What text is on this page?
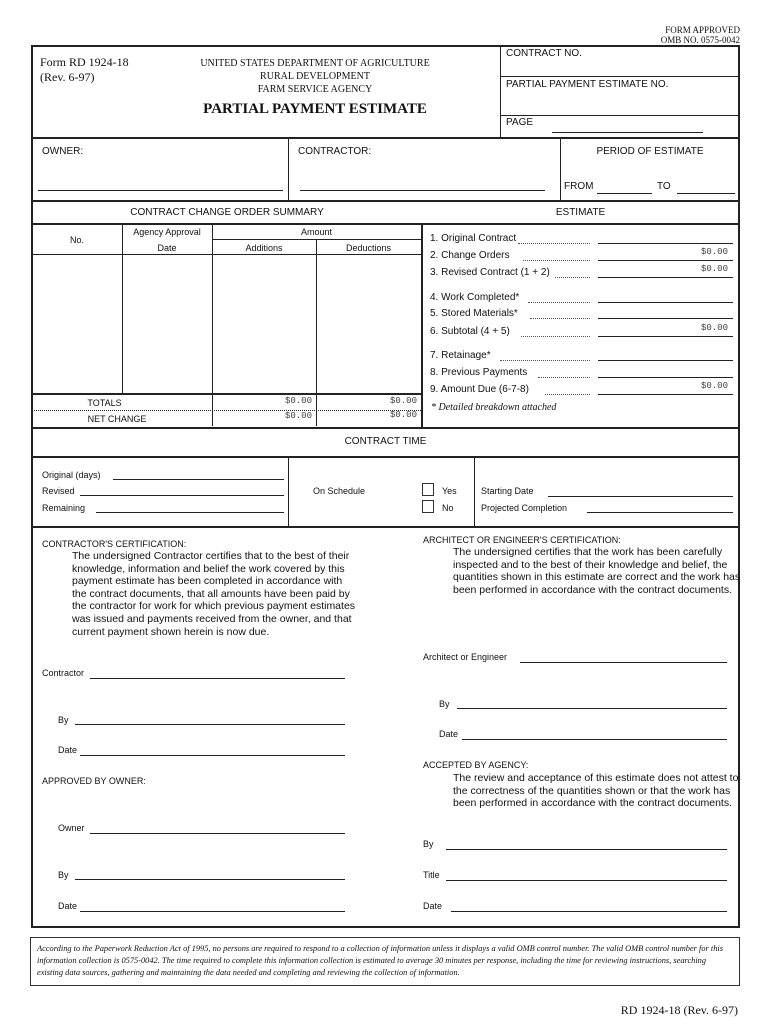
FORM APPROVED
OMB NO. 0575-0042
Form RD 1924-18
(Rev. 6-97)
UNITED STATES DEPARTMENT OF AGRICULTURE
RURAL DEVELOPMENT
FARM SERVICE AGENCY
PARTIAL PAYMENT ESTIMATE
CONTRACT NO.
PARTIAL PAYMENT ESTIMATE NO.
PAGE
OWNER:	CONTRACTOR:	PERIOD OF ESTIMATE
FROM	TO
CONTRACT CHANGE ORDER SUMMARY	ESTIMATE
No.
Agency Approval
Date
Amount
Additions	Deductions
TOTALS	$0.00	$0.00
NET CHANGE	$0.00	$0.00
1. Original Contract
2. Change Orders	$0.00
3. Revised Contract (1 + 2)	$0.00
4. Work Completed*
5. Stored Materials*
6. Subtotal (4 + 5)	$0.00
7. Retainage*
8. Previous Payments
9. Amount Due (6-7-8)	$0.00
* Detailed breakdown attached
CONTRACT TIME
Original (days)
Revised
Remaining
On Schedule	Yes
No
Starting Date
Projected Completion
CONTRACTOR'S CERTIFICATION:
The undersigned Contractor certifies that to the best of their knowledge, information and belief the work covered by this payment estimate has been completed in accordance with the contract documents, that all amounts have been paid by the contractor for work for which previous payment estimates was issued and payments received from the owner, and that current payment shown herein is now due.
Contractor
By
Date
APPROVED BY OWNER:
Owner
By
Date
ARCHITECT OR ENGINEER'S CERTIFICATION:
The undersigned certifies that the work has been carefully inspected and to the best of their knowledge and belief, the quantities shown in this estimate are correct and the work has been performed in accordance with the contract documents.
Architect or Engineer
By
Date
ACCEPTED BY AGENCY:
The review and acceptance of this estimate does not attest to the correctness of the quantities shown or that the work has been performed in accordance with the contract documents.
By
Title
Date
According to the Paperwork Reduction Act of 1995, no persons are required to respond to a collection of information unless it displays a valid OMB control number. The valid OMB control number for this information collection is 0575-0042. The time required to complete this information collection is estimated to average 30 minutes per response, including the time for reviewing instructions, searching existing data sources, gathering and maintaining the data needed and completing and reviewing the collection of information.
RD 1924-18 (Rev. 6-97)
